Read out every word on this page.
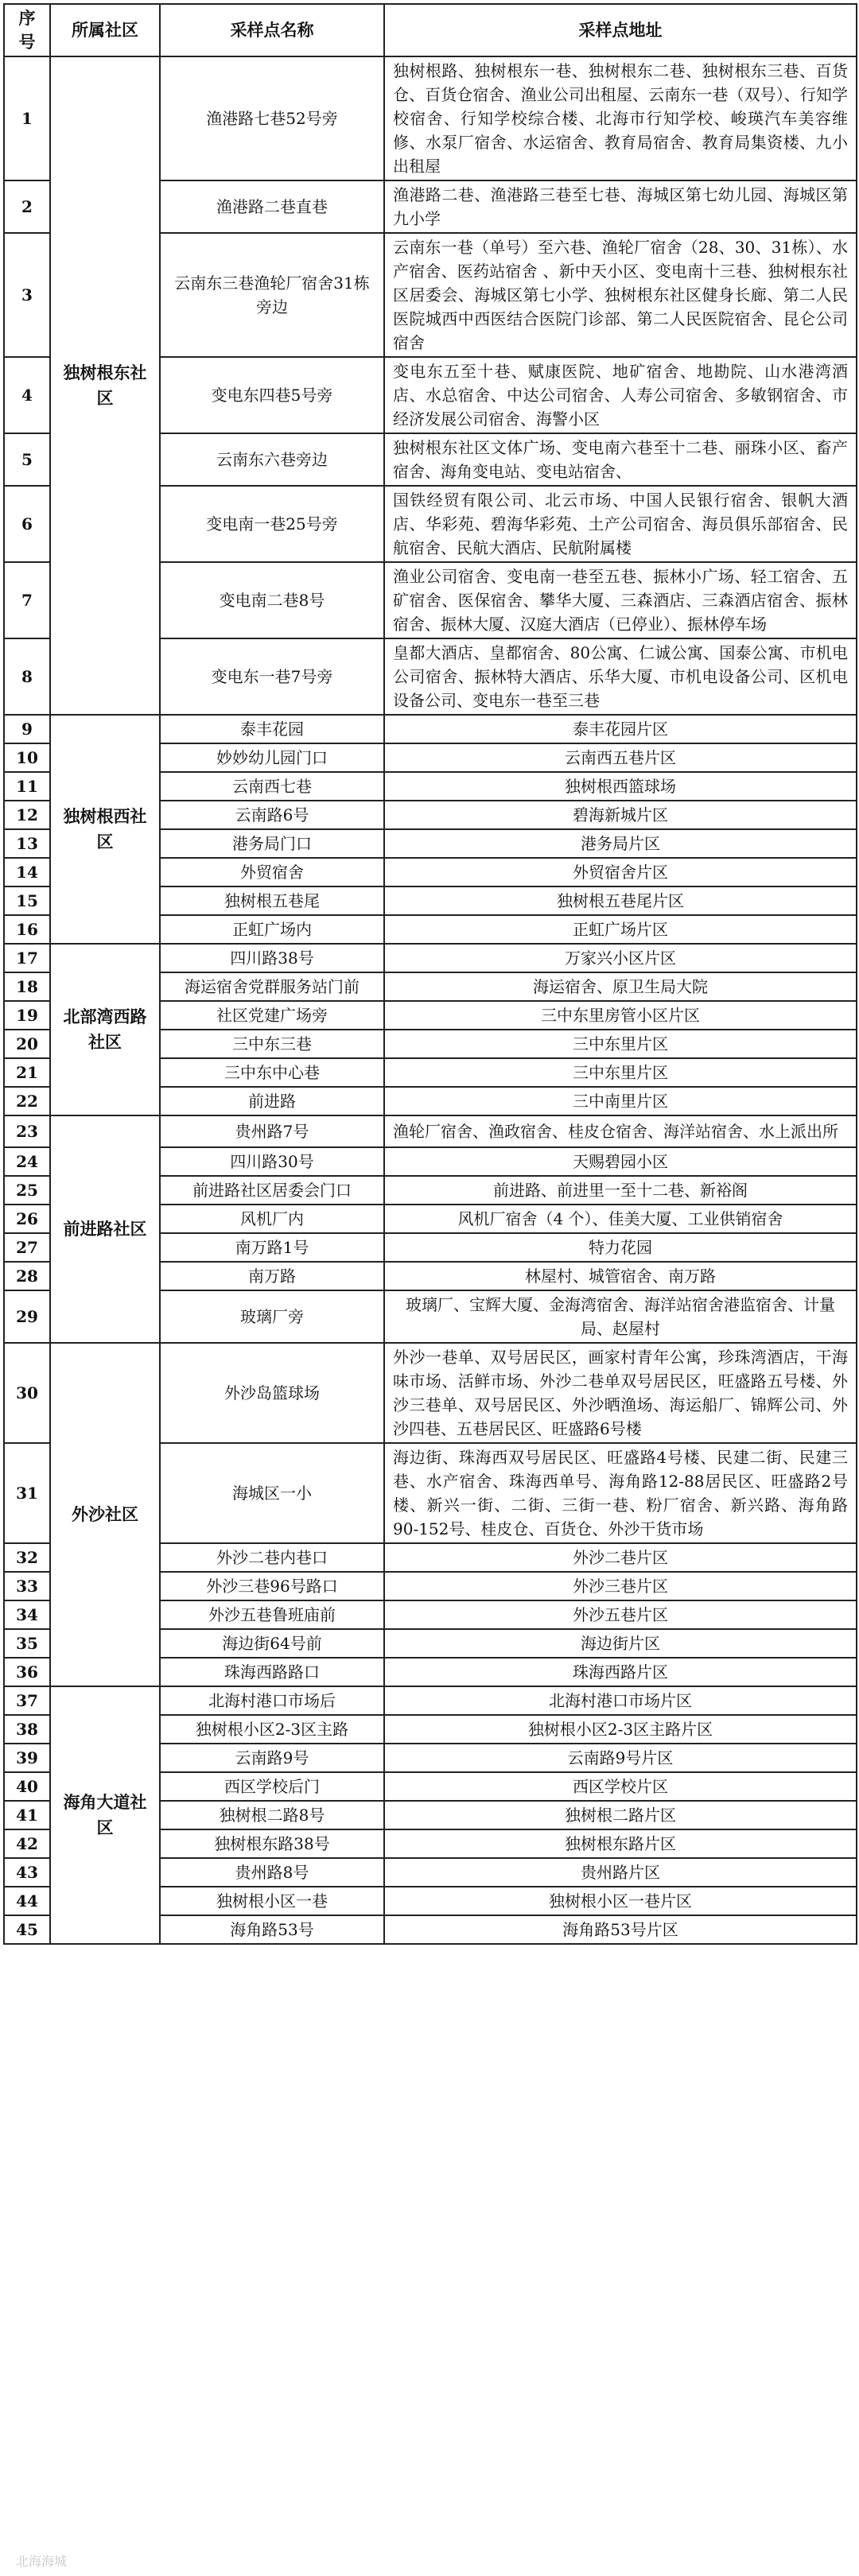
序号	所属社区	采样点名称	采样点地址
1	独树根东社区	渔港路七巷52号旁	独树根路、独树根东一巷、独树根东二巷、独树根东三巷、百货仓、百货仓宿舍、渔业公司出租屋、云南东一巷（双号）、行知学校宿舍、行知学校综合楼、北海市行知学校、峻瑛汽车美容维修、水泵厂宿舍、水运宿舍、教育局宿舍、教育局集资楼、九小出租屋
2		渔港路二巷直巷	渔港路二巷、渔港路三巷至七巷、海城区第七幼儿园、海城区第九小学
3		云南东三巷渔轮厂宿舍31栋旁边	云南东一巷（单号）至六巷、渔轮厂宿舍（28、30、31栋）、水产宿舍、医药站宿舍 、新中天小区、变电南十三巷、独树根东社区居委会、海城区第七小学、独树根东社区健身长廊、第二人民医院城西中西医结合医院门诊部、第二人民医院宿舍、昆仑公司宿舍
4		变电东四巷5号旁	变电东五至十巷、赋康医院、地矿宿舍、地勘院、山水港湾酒店、水总宿舍、中达公司宿舍、人寿公司宿舍、多敏钢宿舍、市经济发展公司宿舍、海警小区
5		云南东六巷旁边	独树根东社区文体广场、变电南六巷至十二巷、丽珠小区、畜产宿舍、海角变电站、变电站宿舍、
6		变电南一巷25号旁	国铁经贸有限公司、北云市场、中国人民银行宿舍、银帆大酒店、华彩苑、碧海华彩苑、土产公司宿舍、海员俱乐部宿舍、民航宿舍、民航大酒店、民航附属楼
7		变电南二巷8号	渔业公司宿舍、变电南一巷至五巷、振林小广场、轻工宿舍、五矿宿舍、医保宿舍、攀华大厦、三森酒店、三森酒店宿舍、振林宿舍、振林大厦、汉庭大酒店（已停业）、振林停车场
8		变电东一巷7号旁	皇都大酒店、皇都宿舍、80公寓、仁诚公寓、国泰公寓、市机电公司宿舍、振林特大酒店、乐华大厦、市机电设备公司、区机电设备公司、变电东一巷至三巷
9	独树根西社区	泰丰花园	泰丰花园片区
10		妙妙幼儿园门口	云南西五巷片区
11		云南西七巷	独树根西篮球场
12		云南路6号	碧海新城片区
13		港务局门口	港务局片区
14		外贸宿舍	外贸宿舍片区
15		独树根五巷尾	独树根五巷尾片区
16		正虹广场内	正虹广场片区
17	北部湾西路社区	四川路38号	万家兴小区片区
18		海运宿舍党群服务站门前	海运宿舍、原卫生局大院
19		社区党建广场旁	三中东里房管小区片区
20		三中东三巷	三中东里片区
21		三中东中心巷	三中东里片区
22		前进路	三中南里片区
23	前进路社区	贵州路7号	渔轮厂宿舍、渔政宿舍、桂皮仓宿舍、海洋站宿舍、水上派出所
24		四川路30号	天赐碧园小区
25		前进路社区居委会门口	前进路、前进里一至十二巷、新裕阁
26		风机厂内	风机厂宿舍（4 个）、佳美大厦、工业供销宿舍
27		南万路1号	特力花园
28		南万路	林屋村、城管宿舍、南万路
29		玻璃厂旁	玻璃厂、宝辉大厦、金海湾宿舍、海洋站宿舍港监宿舍、计量局、赵屋村
30	外沙社区	外沙岛篮球场	外沙一巷单、双号居民区，画家村青年公寓，珍珠湾酒店，干海味市场、活鲜市场、外沙二巷单双号居民区，旺盛路五号楼、外沙三巷单、双号居民区、外沙晒渔场、海运船厂、锦辉公司、外沙四巷、五巷居民区、旺盛路6号楼
31		海城区一小	海边街、珠海西双号居民区、旺盛路4号楼、民建二街、民建三巷、水产宿舍、珠海西单号、海角路12-88居民区、旺盛路2号楼、新兴一街、二街、三街一巷、粉厂宿舍、新兴路、海角路90-152号、桂皮仓、百货仓、外沙干货市场
32		外沙二巷内巷口	外沙二巷片区
33		外沙三巷96号路口	外沙三巷片区
34		外沙五巷鲁班庙前	外沙五巷片区
35		海边街64号前	海边街片区
36		珠海西路路口	珠海西路片区
37	海角大道社区	北海村港口市场后	北海村港口市场片区
38		独树根小区2-3区主路	独树根小区2-3区主路片区
39		云南路9号	云南路9号片区
40		西区学校后门	西区学校片区
41		独树根二路8号	独树根二路片区
42		独树根东路38号	独树根东路片区
43		贵州路8号	贵州路片区
44		独树根小区一巷	独树根小区一巷片区
45		海角路53号	海角路53号片区
北海海城
